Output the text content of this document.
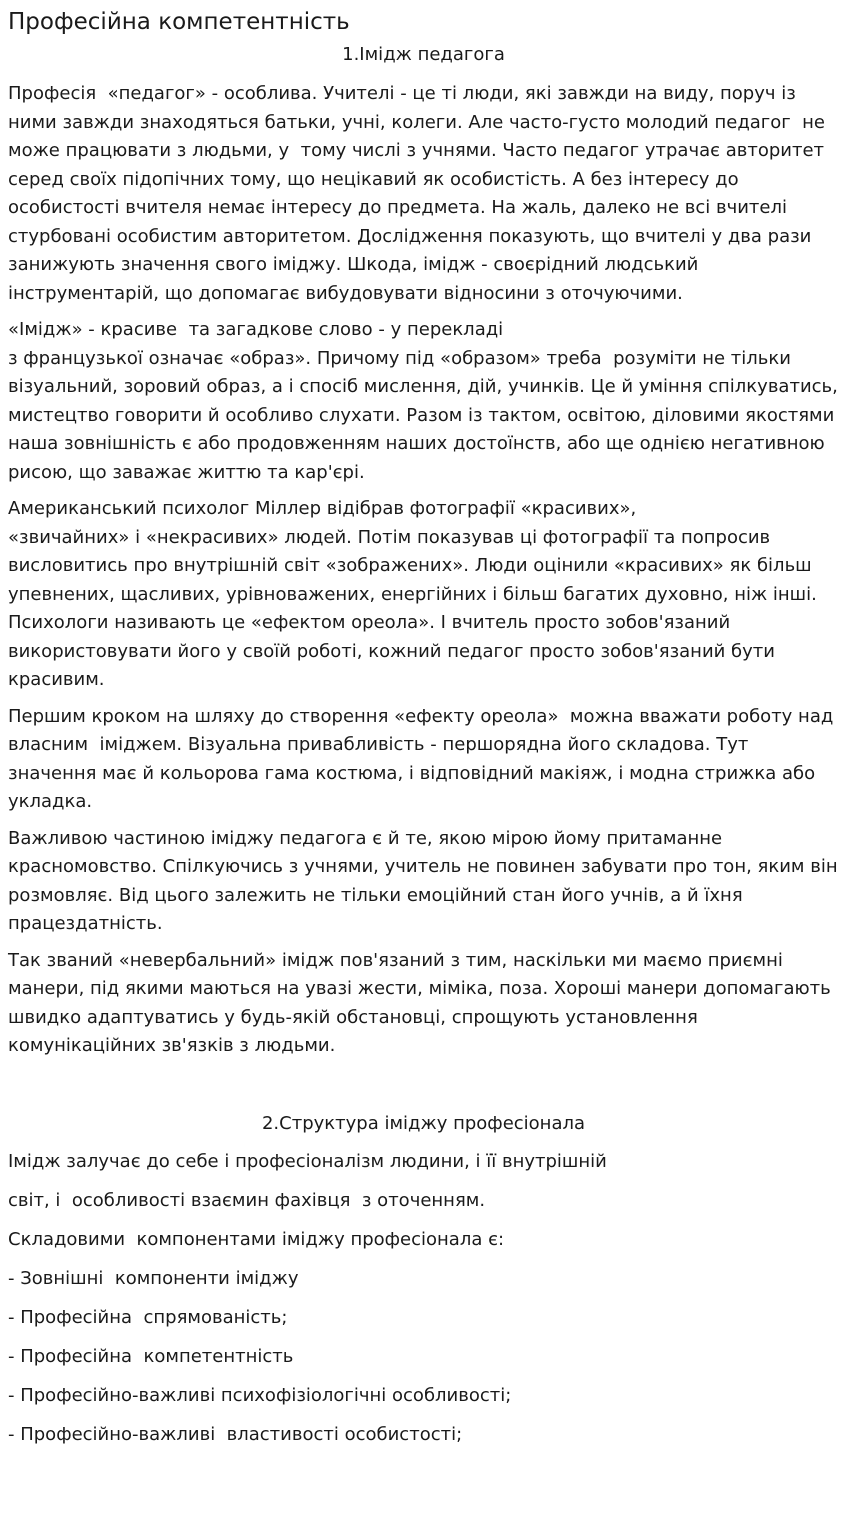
Професійна компетентність
1.Імідж педагога

Професія  «педагог» - особлива. Учителі - це ті люди, які завжди на виду, поруч із ними завжди знаходяться батьки, учні, колеги. Але часто-густо молодий педагог  не може працювати з людьми, у  тому числі з учнями. Часто педагог утрачає авторитет серед своїх підопічних тому, що нецікавий як особистість. А без інтересу до особистості вчителя немає інтересу до предмета. На жаль, далеко не всі вчителі стурбовані особистим авторитетом. Дослідження показують, що вчителі у два рази занижують значення свого іміджу. Шкода, імідж - своєрідний людський інструментарій, що допомагає вибудовувати відносини з оточуючими.

«Імідж» - красиве  та загадкове слово - у перекладі
з французької означає «образ». Причому під «образом» треба  розуміти не тільки візуальний, зоровий образ, а і спосіб мислення, дій, учинків. Це й уміння спілкуватись, мистецтво говорити й особливо слухати. Разом із тактом, освітою, діловими якостями наша зовнішність є або продовженням наших достоїнств, або ще однією негативною рисою, що заважає життю та кар'єрі.

Американський психолог Міллер відібрав фотографії «красивих»,
«звичайних» і «некрасивих» людей. Потім показував ці фотографії та попросив висловитись про внутрішній світ «зображених». Люди оцінили «красивих» як більш упевнених, щасливих, урівноважених, енергійних і більш багатих духовно, ніж інші. Психологи називають це «ефектом ореола». І вчитель просто зобов'язаний використовувати його у своїй роботі, кожний педагог просто зобов'язаний бути красивим.

Першим кроком на шляху до створення «ефекту ореола»  можна вважати роботу над власним  іміджем. Візуальна привабливість - першорядна його складова. Тут значення має й кольорова гама костюма, і відповідний макіяж, і модна стрижка або укладка.

Важливою частиною іміджу педагога є й те, якою мірою йому притаманне красномовство. Спілкуючись з учнями, учитель не повинен забувати про тон, яким він розмовляє. Від цього залежить не тільки емоційний стан його учнів, а й їхня працездатність.

Так званий «невербальний» імідж пов'язаний з тим, наскільки ми маємо приємні манери, під якими маються на увазі жести, міміка, поза. Хороші манери допомагають швидко адаптуватись у будь-якій обстановці, спрощують установлення комунікаційних зв'язків з людьми.

2.Структура іміджу професіонала

Імідж залучає до себе і професіоналізм людини, і її внутрішній

світ, і  особливості взаємин фахівця  з оточенням.

Складовими  компонентами іміджу професіонала є:

- Зовнішні  компоненти іміджу

- Професійна  спрямованість;

- Професійна  компетентність

- Професійно-важливі психофізіологічні особливості;

- Професійно-важливі  властивості особистості;
